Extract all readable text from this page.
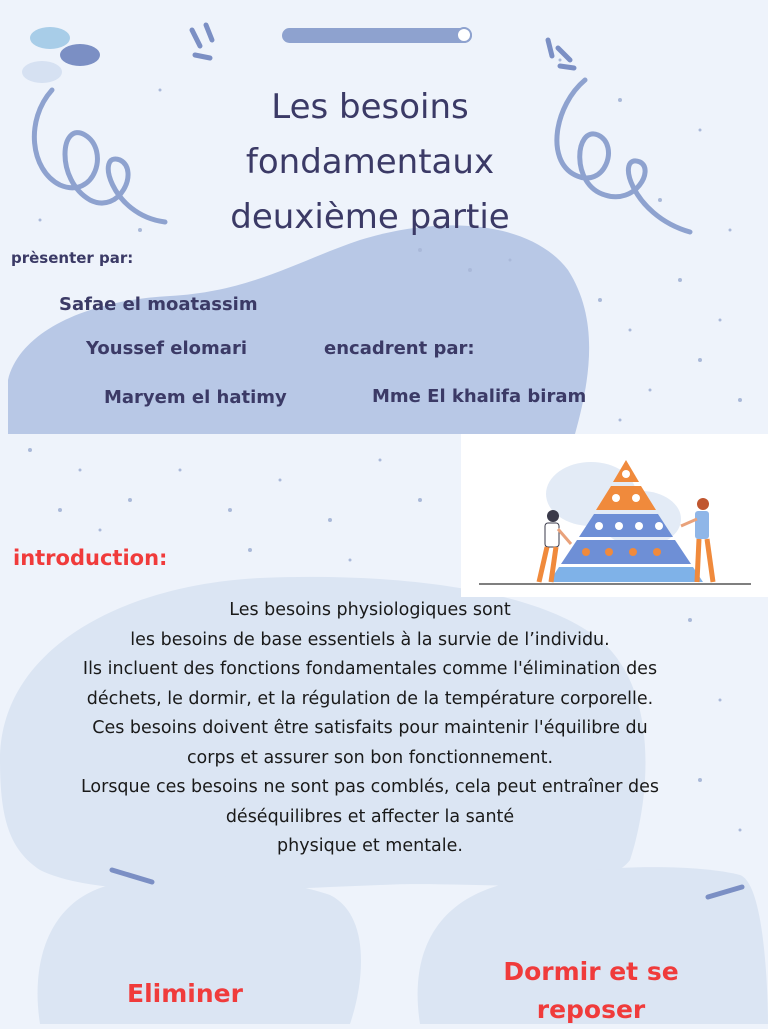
Les besoins
fondamentaux
deuxième partie
prèsenter par:
Safae el moatassim
Youssef elomari
Maryem el hatimy
encadrent par:
Mme El khalifa biram
introduction:
Les besoins physiologiques sont
les besoins de base essentiels à la survie de l’individu.
Ils incluent des fonctions fondamentales comme l'élimination des
déchets, le dormir, et la régulation de la température corporelle.
Ces besoins doivent être satisfaits pour maintenir l'équilibre du
corps et assurer son bon fonctionnement.
Lorsque ces besoins ne sont pas comblés, cela peut entraîner des
déséquilibres et affecter la santé
physique et mentale.
Eliminer
Dormir et se reposer
